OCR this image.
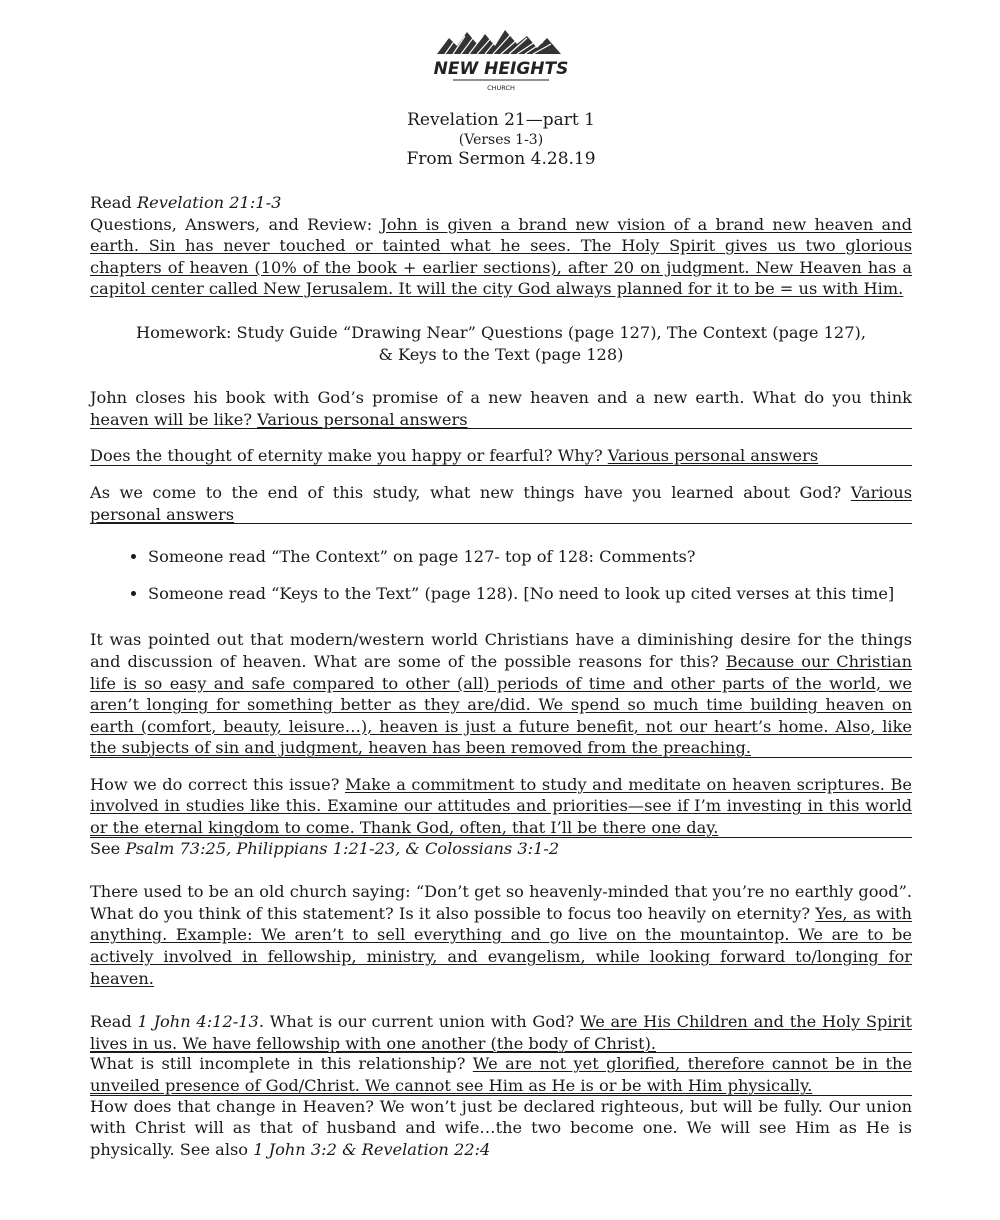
NEW HEIGHTS
CHURCH
Revelation 21—part 1
(Verses 1-3)
From Sermon 4.28.19

Read Revelation 21:1-3

Questions, Answers, and Review: John is given a brand new vision of a brand new heaven and earth. Sin has never touched or tainted what he sees. The Holy Spirit gives us two glorious chapters of heaven (10% of the book + earlier sections), after 20 on judgment. New Heaven has a capitol center called New Jerusalem. It will the city God always planned for it to be = us with Him.

Homework: Study Guide “Drawing Near” Questions (page 127), The Context (page 127),
& Keys to the Text (page 128)

John closes his book with God’s promise of a new heaven and a new earth. What do you think heaven will be like? Various personal answers

Does the thought of eternity make you happy or fearful? Why? Various personal answers

As we come to the end of this study, what new things have you learned about God? Various personal answers

• Someone read “The Context” on page 127- top of 128: Comments?
• Someone read “Keys to the Text” (page 128). [No need to look up cited verses at this time]

It was pointed out that modern/western world Christians have a diminishing desire for the things and discussion of heaven. What are some of the possible reasons for this? Because our Christian life is so easy and safe compared to other (all) periods of time and other parts of the world, we aren’t longing for something better as they are/did. We spend so much time building heaven on earth (comfort, beauty, leisure…), heaven is just a future benefit, not our heart’s home. Also, like the subjects of sin and judgment, heaven has been removed from the preaching.

How we do correct this issue? Make a commitment to study and meditate on heaven scriptures. Be involved in studies like this. Examine our attitudes and priorities—see if I’m investing in this world or the eternal kingdom to come. Thank God, often, that I’ll be there one day.

See Psalm 73:25, Philippians 1:21-23, & Colossians 3:1-2

There used to be an old church saying: “Don’t get so heavenly-minded that you’re no earthly good”. What do you think of this statement? Is it also possible to focus too heavily on eternity? Yes, as with anything. Example: We aren’t to sell everything and go live on the mountaintop. We are to be actively involved in fellowship, ministry, and evangelism, while looking forward to/longing for heaven.

Read 1 John 4:12-13. What is our current union with God? We are His Children and the Holy Spirit lives in us. We have fellowship with one another (the body of Christ).

What is still incomplete in this relationship? We are not yet glorified, therefore cannot be in the unveiled presence of God/Christ. We cannot see Him as He is or be with Him physically.

How does that change in Heaven? We won’t just be declared righteous, but will be fully. Our union with Christ will as that of husband and wife…the two become one. We will see Him as He is physically. See also 1 John 3:2 & Revelation 22:4
